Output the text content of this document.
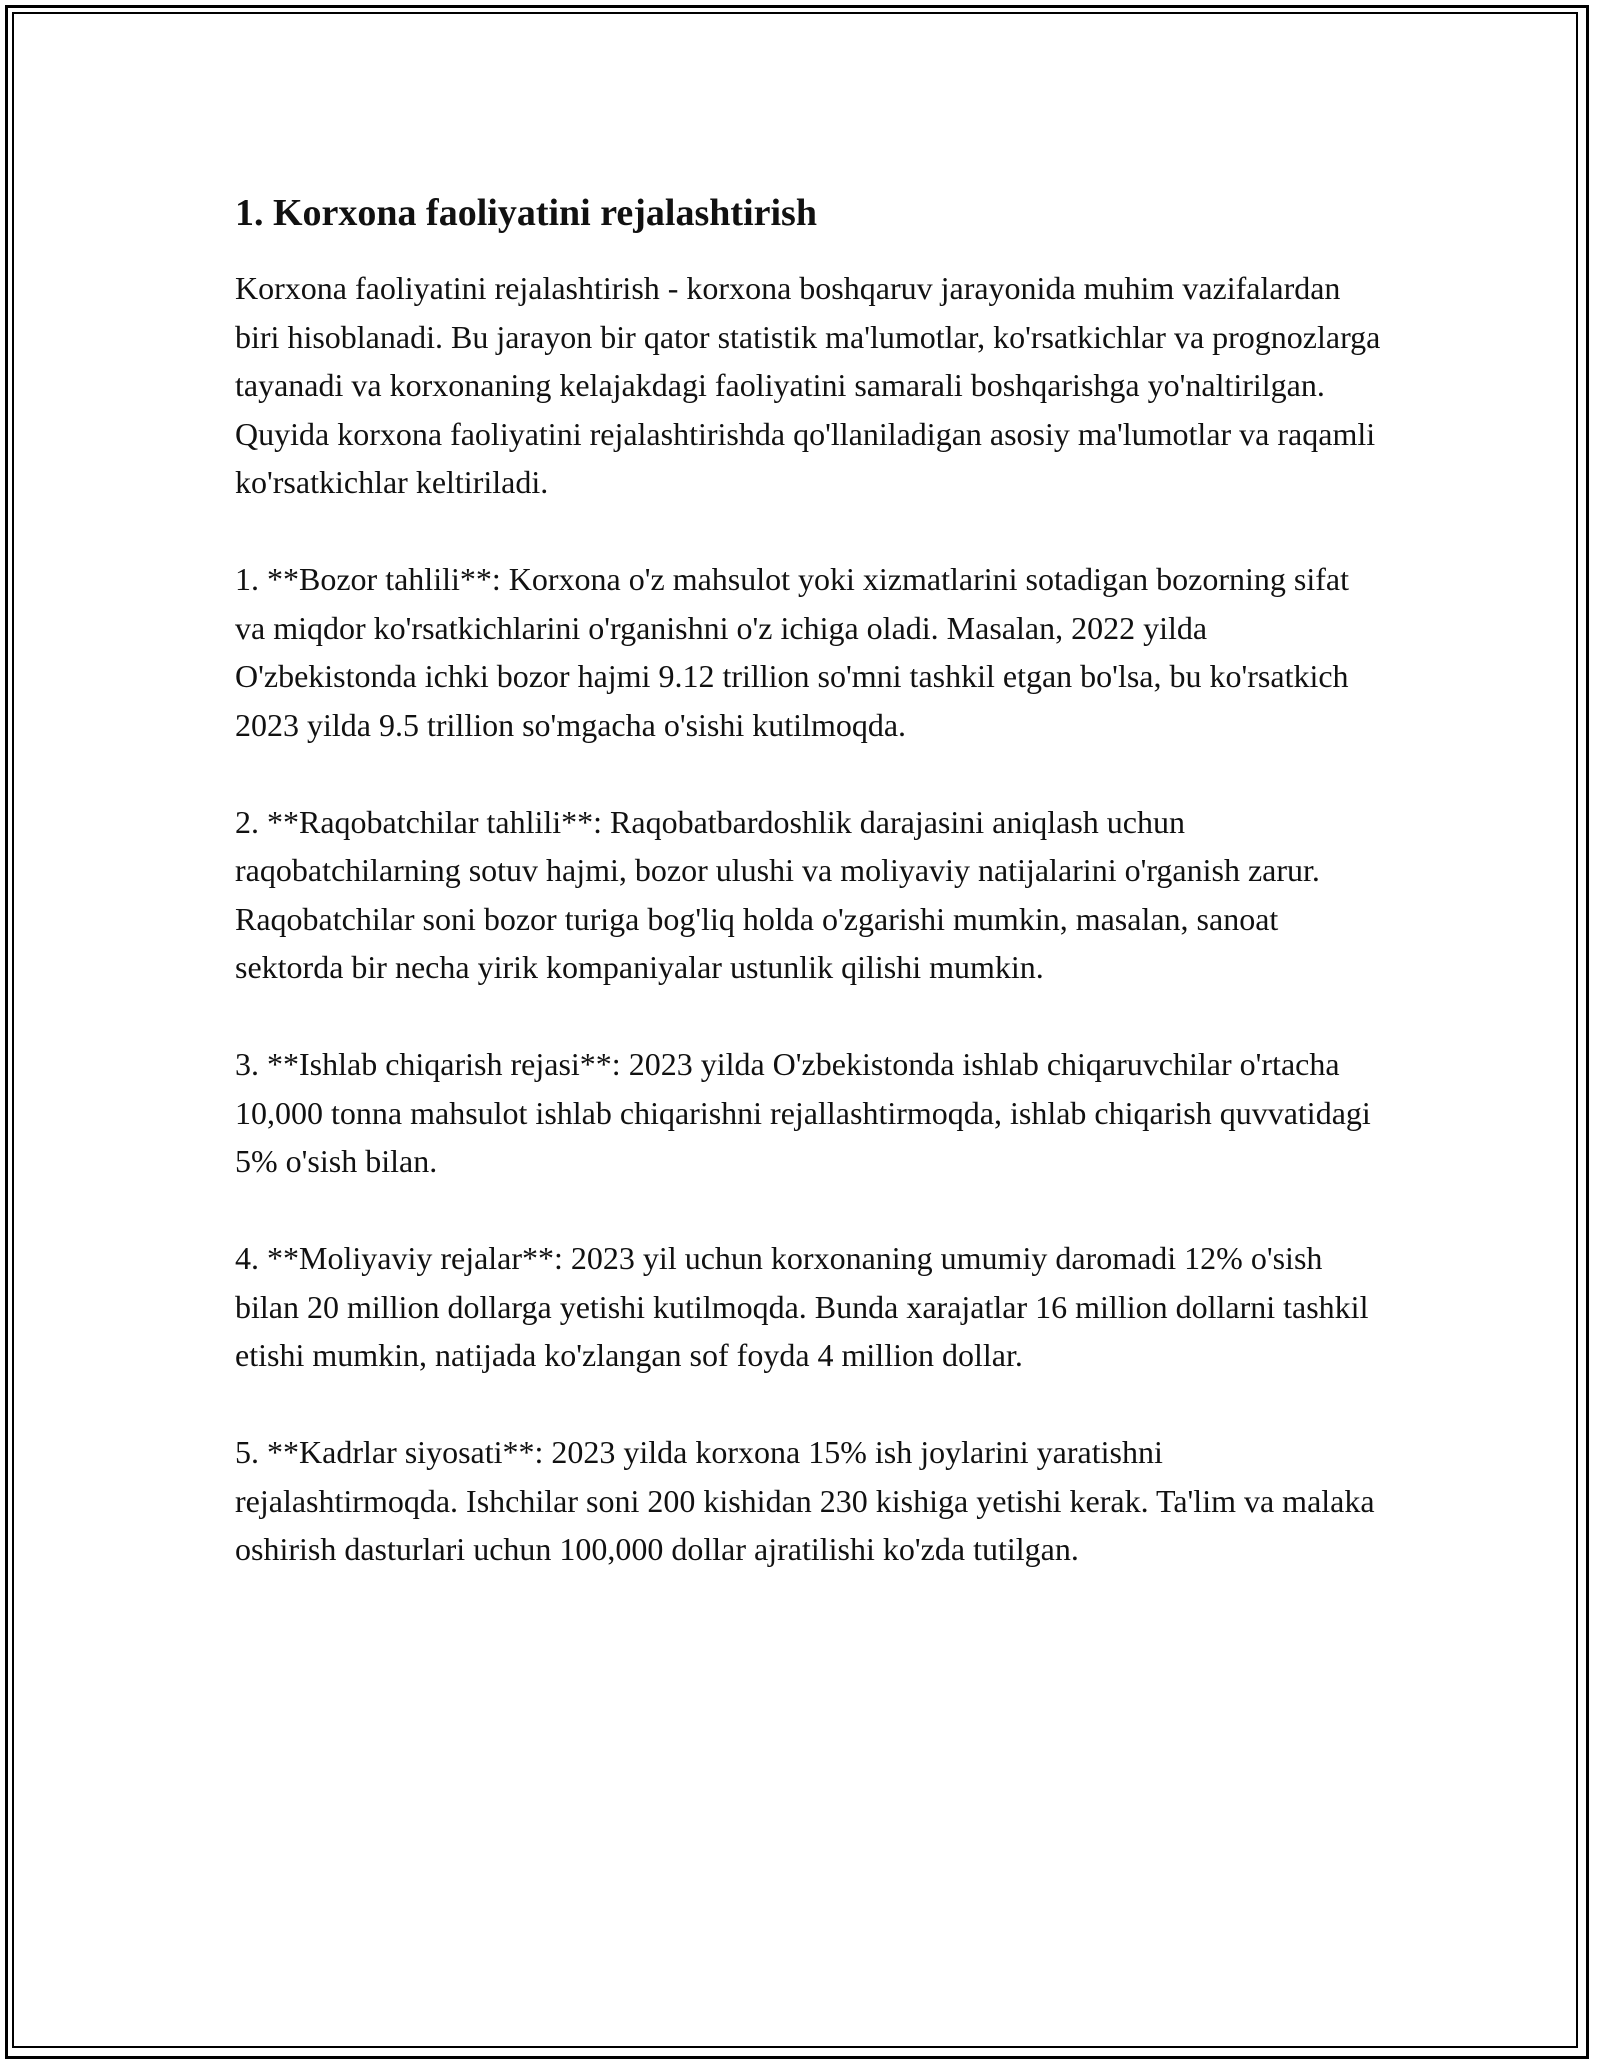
1. Korxona faoliyatini rejalashtirish

Korxona faoliyatini rejalashtirish - korxona boshqaruv jarayonida muhim vazifalardan biri hisoblanadi. Bu jarayon bir qator statistik ma'lumotlar, ko'rsatkichlar va prognozlarga tayanadi va korxonaning kelajakdagi faoliyatini samarali boshqarishga yo'naltirilgan. Quyida korxona faoliyatini rejalashtirishda qo'llaniladigan asosiy ma'lumotlar va raqamli ko'rsatkichlar keltiriladi.

1. **Bozor tahlili**: Korxona o'z mahsulot yoki xizmatlarini sotadigan bozorning sifat va miqdor ko'rsatkichlarini o'rganishni o'z ichiga oladi. Masalan, 2022 yilda O'zbekistonda ichki bozor hajmi 9.12 trillion so'mni tashkil etgan bo'lsa, bu ko'rsatkich 2023 yilda 9.5 trillion so'mgacha o'sishi kutilmoqda.

2. **Raqobatchilar tahlili**: Raqobatbardoshlik darajasini aniqlash uchun raqobatchilarning sotuv hajmi, bozor ulushi va moliyaviy natijalarini o'rganish zarur. Raqobatchilar soni bozor turiga bog'liq holda o'zgarishi mumkin, masalan, sanoat sektorda bir necha yirik kompaniyalar ustunlik qilishi mumkin.

3. **Ishlab chiqarish rejasi**: 2023 yilda O'zbekistonda ishlab chiqaruvchilar o'rtacha 10,000 tonna mahsulot ishlab chiqarishni rejallashtirmoqda, ishlab chiqarish quvvatidagi 5% o'sish bilan.

4. **Moliyaviy rejalar**: 2023 yil uchun korxonaning umumiy daromadi 12% o'sish bilan 20 million dollarga yetishi kutilmoqda. Bunda xarajatlar 16 million dollarni tashkil etishi mumkin, natijada ko'zlangan sof foyda 4 million dollar.

5. **Kadrlar siyosati**: 2023 yilda korxona 15% ish joylarini yaratishni rejalashtirmoqda. Ishchilar soni 200 kishidan 230 kishiga yetishi kerak. Ta'lim va malaka oshirish dasturlari uchun 100,000 dollar ajratilishi ko'zda tutilgan.
